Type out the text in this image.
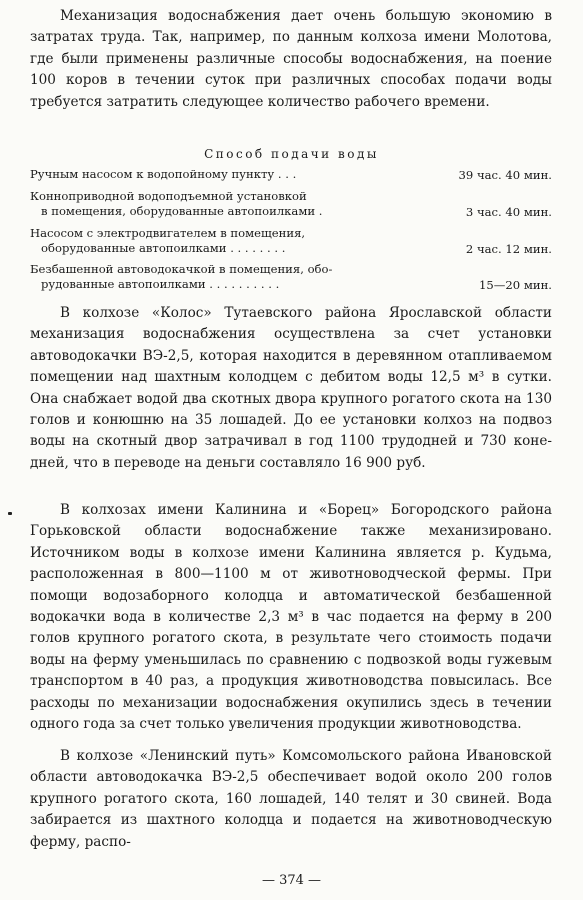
Механизация водоснабжения дает очень большую экономию в затратах труда. Так, например, по данным колхоза имени Молотова, где были применены различные способы водоснабжения, на поение 100 коров в течении суток при различных способах подачи воды требуется затратить следующее количество рабочего времени.

Способ подачи воды
Ручным насосом к водопойному пункту . . .	39 час. 40 мин.
Конноприводной водоподъемной установкой
в помещения, оборудованные автопоилками .	3 час. 40 мин.
Насосом с электродвигателем в помещения,
оборудованные автопоилками . . . . . . . .	2 час. 12 мин.
Безбашенной автоводокачкой в помещения, обо-
рудованные автопоилками . . . . . . . . . .	15—20 мин.

В колхозе «Колос» Тутаевского района Ярославской области механизация водоснабжения осуществлена за счет установки автоводокачки ВЭ-2,5, которая находится в деревянном отапливаемом помещении над шахтным колодцем с дебитом воды 12,5 м³ в сутки. Она снабжает водой два скотных двора крупного рогатого скота на 130 голов и конюшню на 35 лошадей. До ее установки колхоз на подвоз воды на скотный двор затрачивал в год 1100 трудодней и 730 коне-дней, что в переводе на деньги составляло 16 900 руб.

В колхозах имени Калинина и «Борец» Богородского района Горьковской области водоснабжение также механизировано. Источником воды в колхозе имени Калинина является р. Кудьма, расположенная в 800—1100 м от животноводческой фермы. При помощи водозаборного колодца и автоматической безбашенной водокачки вода в количестве 2,3 м³ в час подается на ферму в 200 голов крупного рогатого скота, в результате чего стоимость подачи воды на ферму уменьшилась по сравнению с подвозкой воды гужевым транспортом в 40 раз, а продукция животноводства повысилась. Все расходы по механизации водоснабжения окупились здесь в течении одного года за счет только увеличения продукции животноводства.

В колхозе «Ленинский путь» Комсомольского района Ивановской области автоводокачка ВЭ-2,5 обеспечивает водой около 200 голов крупного рогатого скота, 160 лошадей, 140 телят и 30 свиней. Вода забирается из шахтного колодца и подается на животноводческую ферму, распо-

— 374 —
